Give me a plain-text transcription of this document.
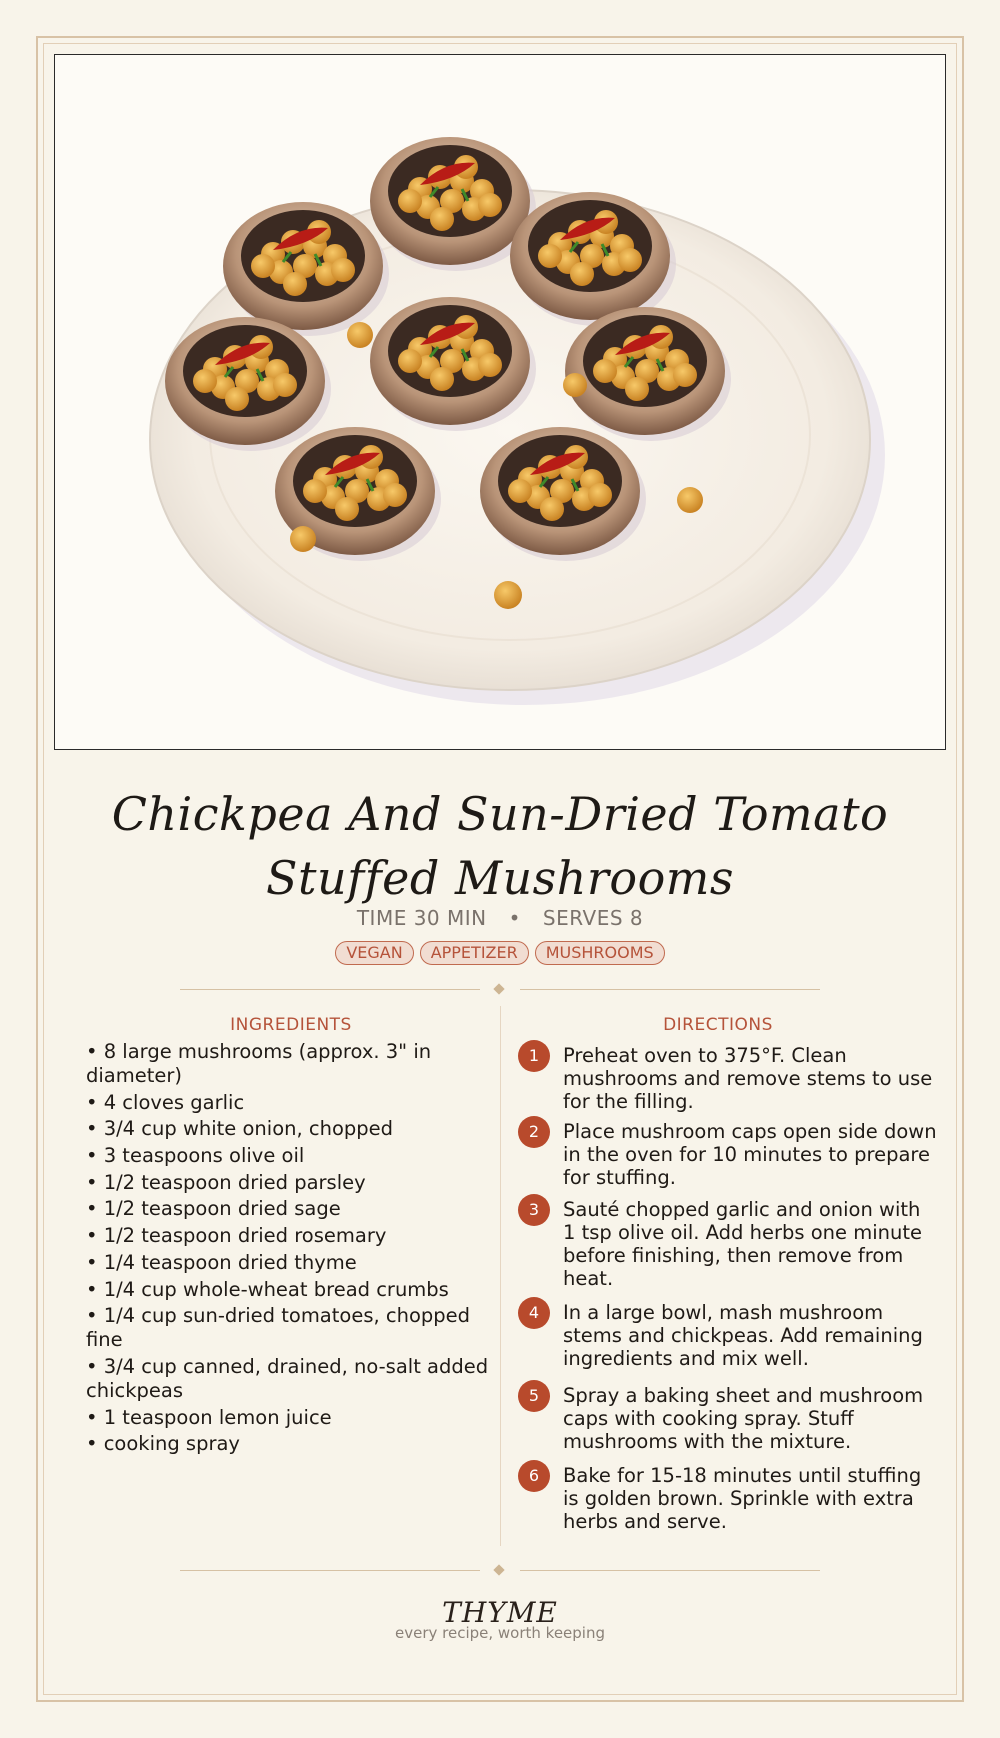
Chickpea And Sun-Dried Tomato Stuffed Mushrooms
TIME 30 MIN • SERVES 8
VEGAN APPETIZER MUSHROOMS
INGREDIENTS	DIRECTIONS
• 8 large mushrooms (approx. 3" in diameter)
• 4 cloves garlic
• 3/4 cup white onion, chopped
• 3 teaspoons olive oil
• 1/2 teaspoon dried parsley
• 1/2 teaspoon dried sage
• 1/2 teaspoon dried rosemary
• 1/4 teaspoon dried thyme
• 1/4 cup whole-wheat bread crumbs
• 1/4 cup sun-dried tomatoes, chopped fine
• 3/4 cup canned, drained, no-salt added chickpeas
• 1 teaspoon lemon juice
• cooking spray
1	Preheat oven to 375°F. Clean mushrooms and remove stems to use for the filling.
2	Place mushroom caps open side down in the oven for 10 minutes to prepare for stuffing.
3	Sauté chopped garlic and onion with 1 tsp olive oil. Add herbs one minute before finishing, then remove from heat.
4	In a large bowl, mash mushroom stems and chickpeas. Add remaining ingredients and mix well.
5	Spray a baking sheet and mushroom caps with cooking spray. Stuff mushrooms with the mixture.
6	Bake for 15-18 minutes until stuffing is golden brown. Sprinkle with extra herbs and serve.
THYME
every recipe, worth keeping
